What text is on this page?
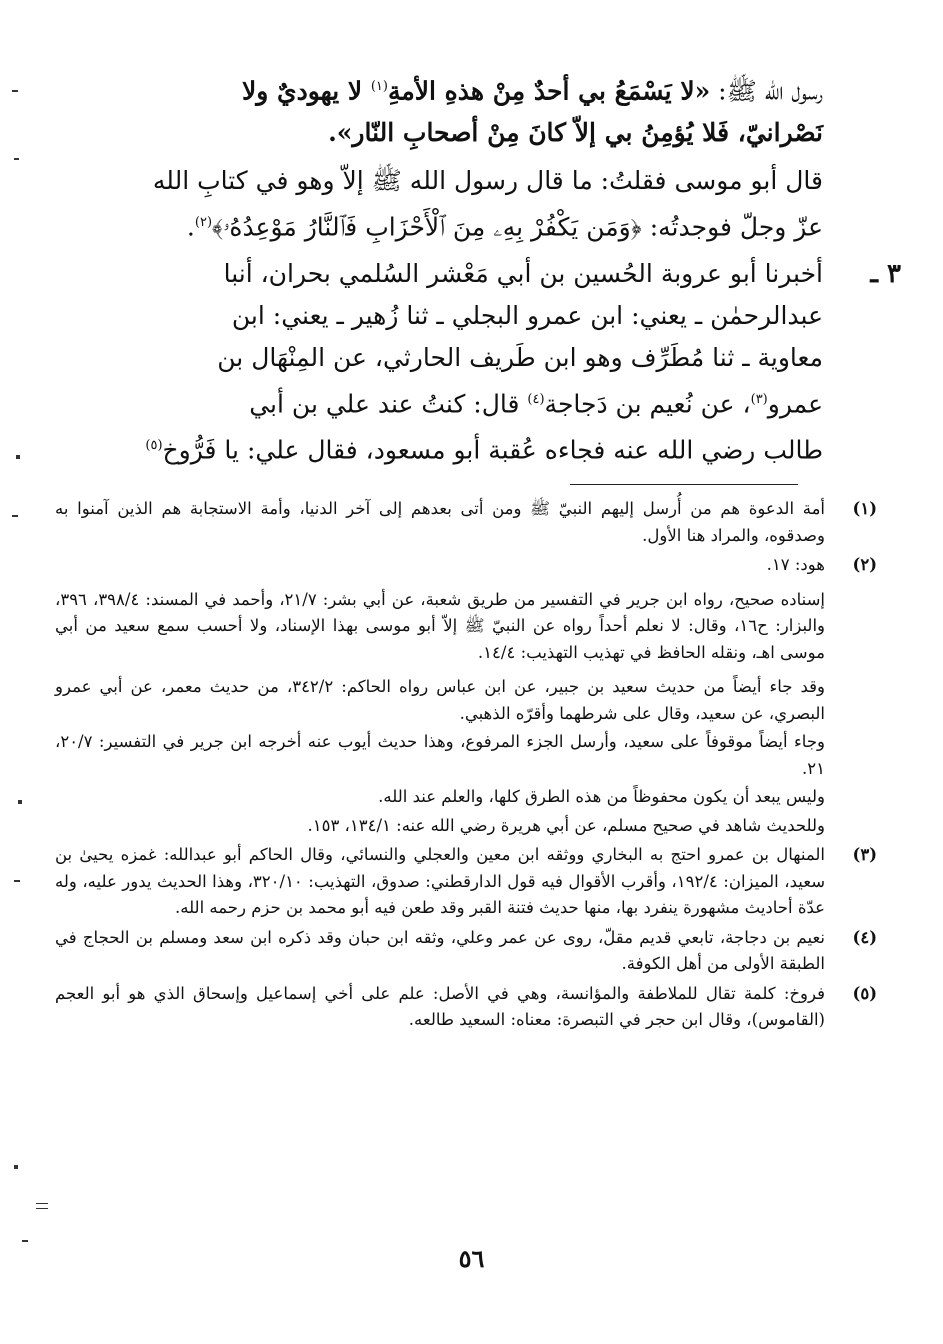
رسول الله ﷺ: «لا يَسْمَعُ بي أحدٌ مِنْ هذهِ الأمةِ$^{(١)}$ لا يهوديٌ ولا
نَصْرانيّ، فَلا يُؤمِنُ بي إلاّ كانَ مِنْ أصحابِ النّار».

قال أبو موسى فقلتُ: ما قال رسول الله ﷺ إلاّ وهو في كتابِ الله
عزّ وجلّ فوجدتُه: ﴿وَمَن يَكْفُرْ بِهِۦ مِنَ ٱلْأَحْزَابِ فَٱلنَّارُ مَوْعِدُهُۥ﴾$^{(٢)}$.

٣ ـ
أخبرنا أبو عروبة الحُسين بن أبي مَعْشر السُلمي بحران، أنبا
عبدالرحمٰن ـ يعني: ابن عمرو البجلي ـ ثنا زُهير ـ يعني: ابن
معاوية ـ ثنا مُطَرِّف وهو ابن طَريف الحارثي، عن المِنْهَال بن
عمرو$^{(٣)}$، عن نُعيم بن دَجاجة$^{(٤)}$ قال: كنتُ عند علي بن أبي
طالب رضي الله عنه فجاءه عُقبة أبو مسعود، فقال علي: يا فَرُّوخ$^{(٥)}$

(١)

أمة الدعوة هم من أُرسل إليهم النبيّ ﷺ ومن أتى بعدهم إلى آخر الدنيا، وأمة الاستجابة هم الذين آمنوا به وصدقوه، والمراد هنا الأول.

(٢)

هود: ١٧.

إسناده صحيح، رواه ابن جرير في التفسير من طريق شعبة، عن أبي بشر: ٢١/٧، وأحمد في المسند: ٣٩٨/٤، ٣٩٦، والبزار: ح١٦، وقال: لا نعلم أحداً رواه عن النبيّ ﷺ إلاّ أبو موسى بهذا الإسناد، ولا أحسب سمع سعيد من أبي موسى اهـ، ونقله الحافظ في تهذيب التهذيب: ١٤/٤.

وقد جاء أيضاً من حديث سعيد بن جبير، عن ابن عباس رواه الحاكم: ٣٤٢/٢، من حديث معمر، عن أبي عمرو البصري، عن سعيد، وقال على شرطهما وأقرّه الذهبي.

وجاء أيضاً موقوفاً على سعيد، وأرسل الجزء المرفوع، وهذا حديث أيوب عنه أخرجه ابن جرير في التفسير: ٢٠/٧، ٢١.

وليس يبعد أن يكون محفوظاً من هذه الطرق كلها، والعلم عند الله.

وللحديث شاهد في صحيح مسلم، عن أبي هريرة رضي الله عنه: ١٣٤/١، ١٥٣.

(٣)

المنهال بن عمرو احتج به البخاري ووثقه ابن معين والعجلي والنسائي، وقال الحاكم أبو عبدالله: غمزه يحيىٰ بن سعيد، الميزان: ١٩٢/٤، وأقرب الأقوال فيه قول الدارقطني: صدوق، التهذيب: ٣٢٠/١٠، وهذا الحديث يدور عليه، وله عدّة أحاديث مشهورة ينفرد بها، منها حديث فتنة القبر وقد طعن فيه أبو محمد بن حزم رحمه الله.

(٤)

نعيم بن دجاجة، تابعي قديم مقلّ، روى عن عمر وعلي، وثقه ابن حبان وقد ذكره ابن سعد ومسلم بن الحجاج في الطبقة الأولى من أهل الكوفة.

(٥)

فروخ: كلمة تقال للملاطفة والمؤانسة، وهي في الأصل: علم على أخي إسماعيل وإسحاق الذي هو أبو العجم (القاموس)، وقال ابن حجر في التبصرة: معناه: السعيد طالعه.

٥٦
